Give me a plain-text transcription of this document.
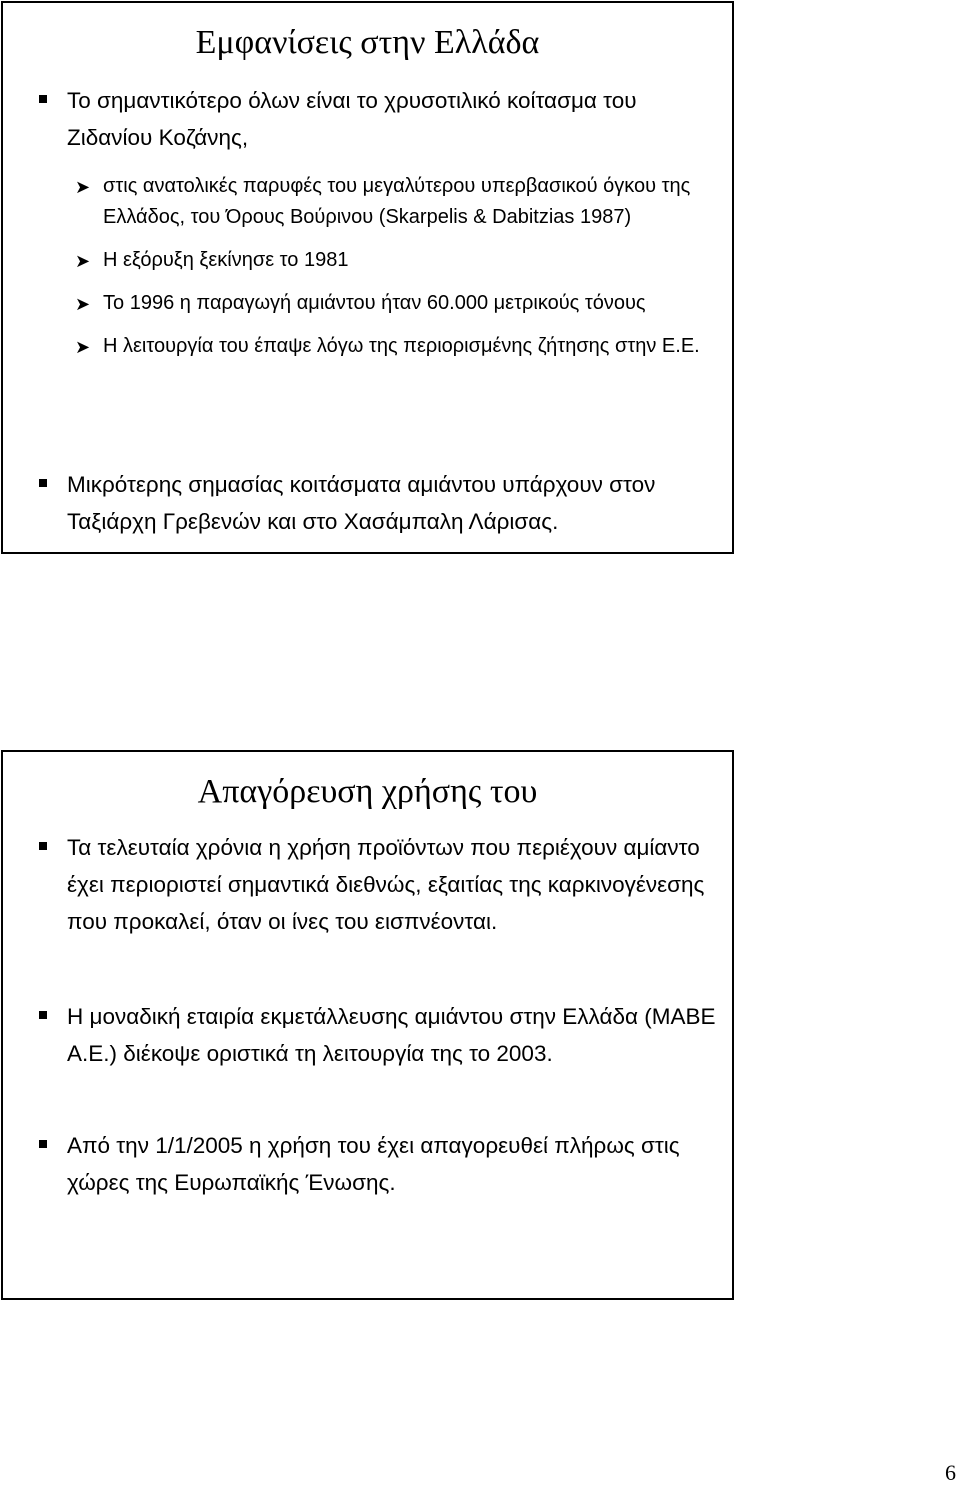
Εμφανίσεις στην Ελλάδα
Το σημαντικότερο όλων είναι το χρυσοτιλικό κοίτασμα του Ζιδανίου Κοζάνης,
➤ στις ανατολικές παρυφές του μεγαλύτερου υπερβασικού όγκου της Ελλάδος, του Όρους Βούρινου (Skarpelis & Dabitzias 1987)
➤ Η εξόρυξη ξεκίνησε το 1981
➤ Το 1996 η παραγωγή αμιάντου ήταν 60.000 μετρικούς τόνους
➤ Η λειτουργία του έπαψε λόγω της περιορισμένης ζήτησης στην Ε.Ε.
Μικρότερης σημασίας κοιτάσματα αμιάντου υπάρχουν στον Ταξιάρχη Γρεβενών και στο Χασάμπαλη Λάρισας.
Απαγόρευση χρήσης του
Τα τελευταία χρόνια η χρήση προϊόντων που περιέχουν αμίαντο έχει περιοριστεί σημαντικά διεθνώς, εξαιτίας της καρκινογένεσης που προκαλεί, όταν οι ίνες του εισπνέονται.
Η μοναδική εταιρία εκμετάλλευσης αμιάντου στην Ελλάδα (ΜΑΒΕ Α.Ε.) διέκοψε οριστικά τη λειτουργία της το 2003.
Από την 1/1/2005 η χρήση του έχει απαγορευθεί πλήρως στις χώρες της Ευρωπαϊκής Ένωσης.
6
